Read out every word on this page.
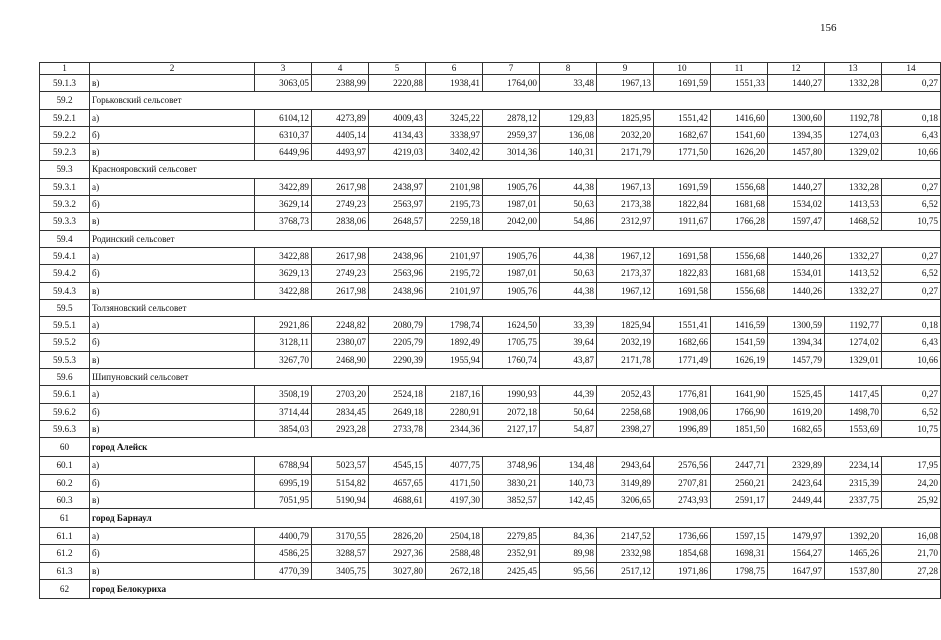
156
1	2	3	4	5	6	7	8	9	10	11	12	13	14
59.1.3	в)	3063,05	2388,99	2220,88	1938,41	1764,00	33,48	1967,13	1691,59	1551,33	1440,27	1332,28	0,27
59.2	Горьковский сельсовет												
59.2.1	а)	6104,12	4273,89	4009,43	3245,22	2878,12	129,83	1825,95	1551,42	1416,60	1300,60	1192,78	0,18
59.2.2	б)	6310,37	4405,14	4134,43	3338,97	2959,37	136,08	2032,20	1682,67	1541,60	1394,35	1274,03	6,43
59.2.3	в)	6449,96	4493,97	4219,03	3402,42	3014,36	140,31	2171,79	1771,50	1626,20	1457,80	1329,02	10,66
59.3	Краснояровский сельсовет												
59.3.1	а)	3422,89	2617,98	2438,97	2101,98	1905,76	44,38	1967,13	1691,59	1556,68	1440,27	1332,28	0,27
59.3.2	б)	3629,14	2749,23	2563,97	2195,73	1987,01	50,63	2173,38	1822,84	1681,68	1534,02	1413,53	6,52
59.3.3	в)	3768,73	2838,06	2648,57	2259,18	2042,00	54,86	2312,97	1911,67	1766,28	1597,47	1468,52	10,75
59.4	Родинский сельсовет												
59.4.1	а)	3422,88	2617,98	2438,96	2101,97	1905,76	44,38	1967,12	1691,58	1556,68	1440,26	1332,27	0,27
59.4.2	б)	3629,13	2749,23	2563,96	2195,72	1987,01	50,63	2173,37	1822,83	1681,68	1534,01	1413,52	6,52
59.4.3	в)	3422,88	2617,98	2438,96	2101,97	1905,76	44,38	1967,12	1691,58	1556,68	1440,26	1332,27	0,27
59.5	Толзяновский сельсовет												
59.5.1	а)	2921,86	2248,82	2080,79	1798,74	1624,50	33,39	1825,94	1551,41	1416,59	1300,59	1192,77	0,18
59.5.2	б)	3128,11	2380,07	2205,79	1892,49	1705,75	39,64	2032,19	1682,66	1541,59	1394,34	1274,02	6,43
59.5.3	в)	3267,70	2468,90	2290,39	1955,94	1760,74	43,87	2171,78	1771,49	1626,19	1457,79	1329,01	10,66
59.6	Шипуновский сельсовет												
59.6.1	а)	3508,19	2703,20	2524,18	2187,16	1990,93	44,39	2052,43	1776,81	1641,90	1525,45	1417,45	0,27
59.6.2	б)	3714,44	2834,45	2649,18	2280,91	2072,18	50,64	2258,68	1908,06	1766,90	1619,20	1498,70	6,52
59.6.3	в)	3854,03	2923,28	2733,78	2344,36	2127,17	54,87	2398,27	1996,89	1851,50	1682,65	1553,69	10,75
60	город Алейск												
60.1	а)	6788,94	5023,57	4545,15	4077,75	3748,96	134,48	2943,64	2576,56	2447,71	2329,89	2234,14	17,95
60.2	б)	6995,19	5154,82	4657,65	4171,50	3830,21	140,73	3149,89	2707,81	2560,21	2423,64	2315,39	24,20
60.3	в)	7051,95	5190,94	4688,61	4197,30	3852,57	142,45	3206,65	2743,93	2591,17	2449,44	2337,75	25,92
61	город Барнаул												
61.1	а)	4400,79	3170,55	2826,20	2504,18	2279,85	84,36	2147,52	1736,66	1597,15	1479,97	1392,20	16,08
61.2	б)	4586,25	3288,57	2927,36	2588,48	2352,91	89,98	2332,98	1854,68	1698,31	1564,27	1465,26	21,70
61.3	в)	4770,39	3405,75	3027,80	2672,18	2425,45	95,56	2517,12	1971,86	1798,75	1647,97	1537,80	27,28
62	город Белокуриха												
